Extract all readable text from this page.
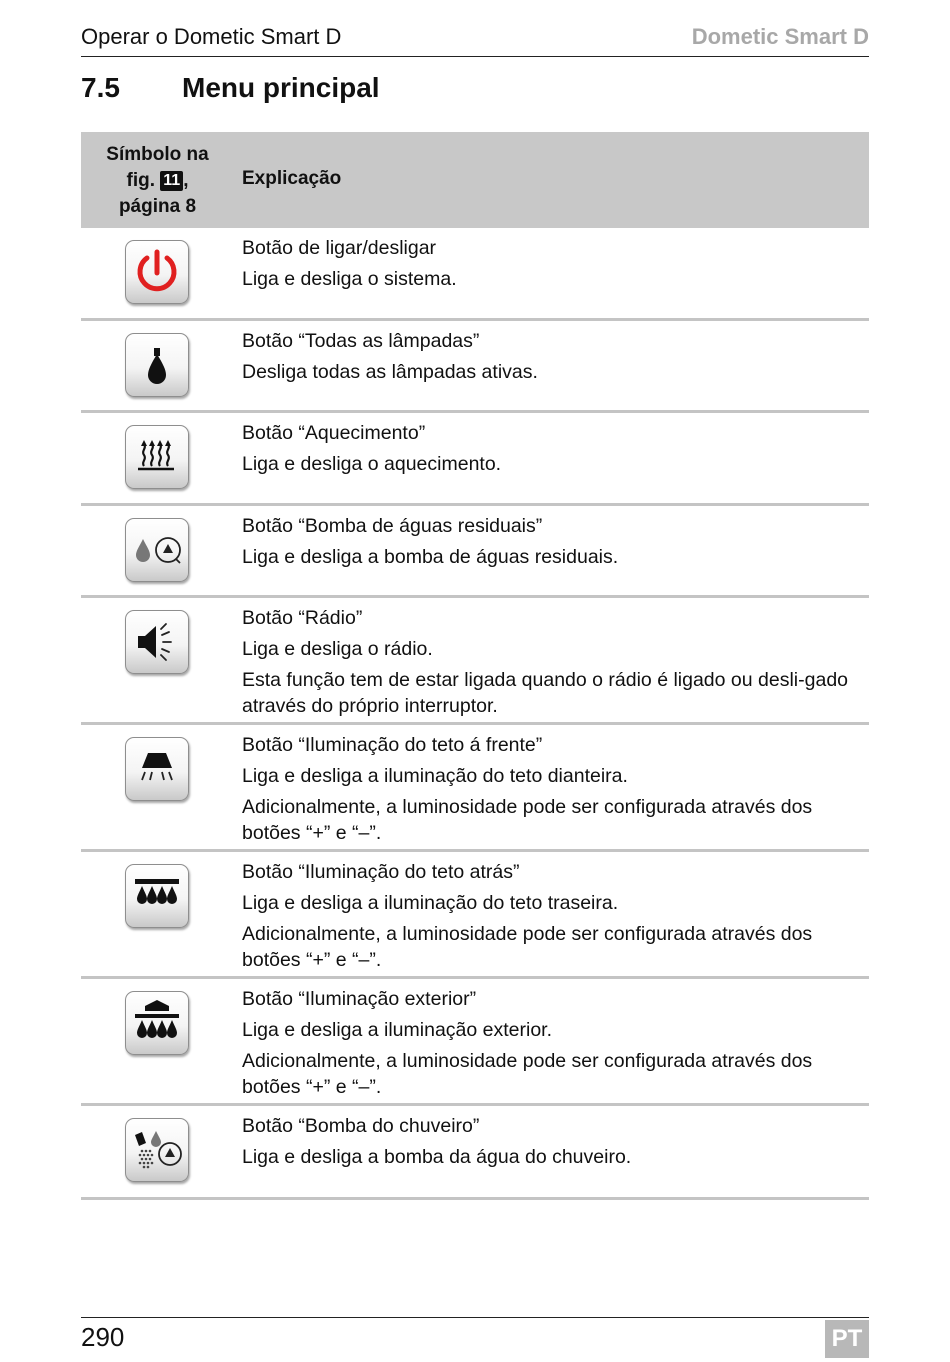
Operar o Dometic Smart D	Dometic Smart D
7.5 Menu principal
Símbolo na
fig. 11 ,
página 8
Explicação

Botão de ligar/desligar

Liga e desliga o sistema.

Botão “Todas as lâmpadas”

Desliga todas as lâmpadas ativas.

Botão “Aquecimento”

Liga e desliga o aquecimento.

Botão “Bomba de águas residuais”

Liga e desliga a bomba de águas residuais.

Botão “Rádio”

Liga e desliga o rádio.

Esta função tem de estar ligada quando o rádio é ligado ou desli-gado através do próprio interruptor.

Botão “Iluminação do teto á frente”

Liga e desliga a iluminação do teto dianteira.

Adicionalmente, a luminosidade pode ser configurada através dos botões “+” e “–”.

Botão “Iluminação do teto atrás”

Liga e desliga a iluminação do teto traseira.

Adicionalmente, a luminosidade pode ser configurada através dos botões “+” e “–”.

Botão “Iluminação exterior”

Liga e desliga a iluminação exterior.

Adicionalmente, a luminosidade pode ser configurada através dos botões “+” e “–”.

Botão “Bomba do chuveiro”

Liga e desliga a bomba da água do chuveiro.

290	PT
